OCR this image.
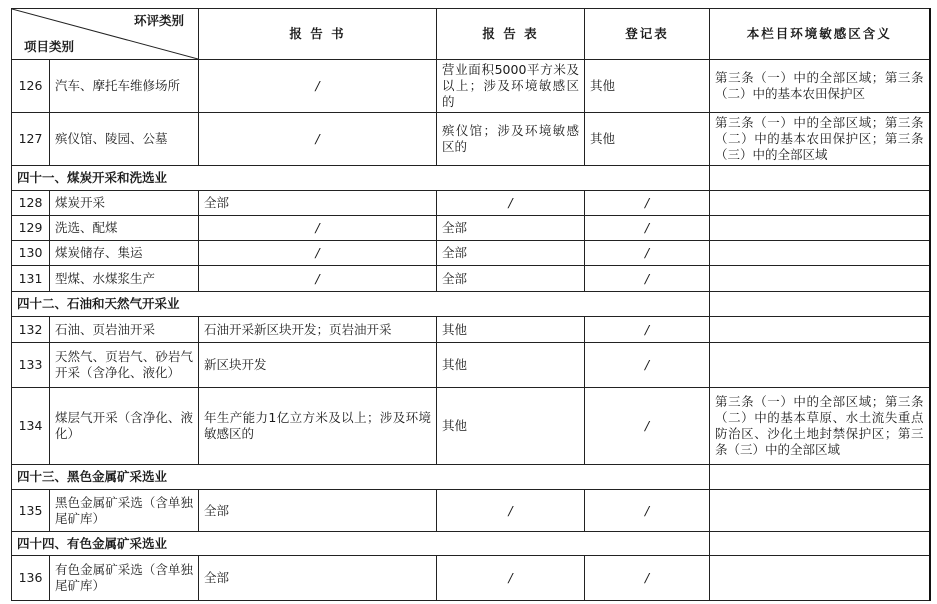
环评类别
项目类别		报 告 书	报 告 表	登记表	本栏目环境敏感区含义
126	汽车、摩托车维修场所	/	营业面积5000平方米及以上；涉及环境敏感区的	其他	第三条（一）中的全部区域；第三条（二）中的基本农田保护区
127	殡仪馆、陵园、公墓	/	殡仪馆；涉及环境敏感区的	其他	第三条（一）中的全部区域；第三条（二）中的基本农田保护区；第三条（三）中的全部区域
四十一、煤炭开采和洗选业					
128	煤炭开采	全部	/	/	
129	洗选、配煤	/	全部	/	
130	煤炭储存、集运	/	全部	/	
131	型煤、水煤浆生产	/	全部	/	
四十二、石油和天然气开采业					
132	石油、页岩油开采	石油开采新区块开发；页岩油开采	其他	/	
133	天然气、页岩气、砂岩气开采（含净化、液化）	新区块开发	其他	/	
134	煤层气开采（含净化、液化）	年生产能力1亿立方米及以上；涉及环境敏感区的	其他	/	第三条（一）中的全部区域；第三条（二）中的基本草原、水土流失重点防治区、沙化土地封禁保护区；第三条（三）中的全部区域
四十三、黑色金属矿采选业					
135	黑色金属矿采选（含单独尾矿库）	全部	/	/	
四十四、有色金属矿采选业					
136	有色金属矿采选（含单独尾矿库）	全部	/	/	
